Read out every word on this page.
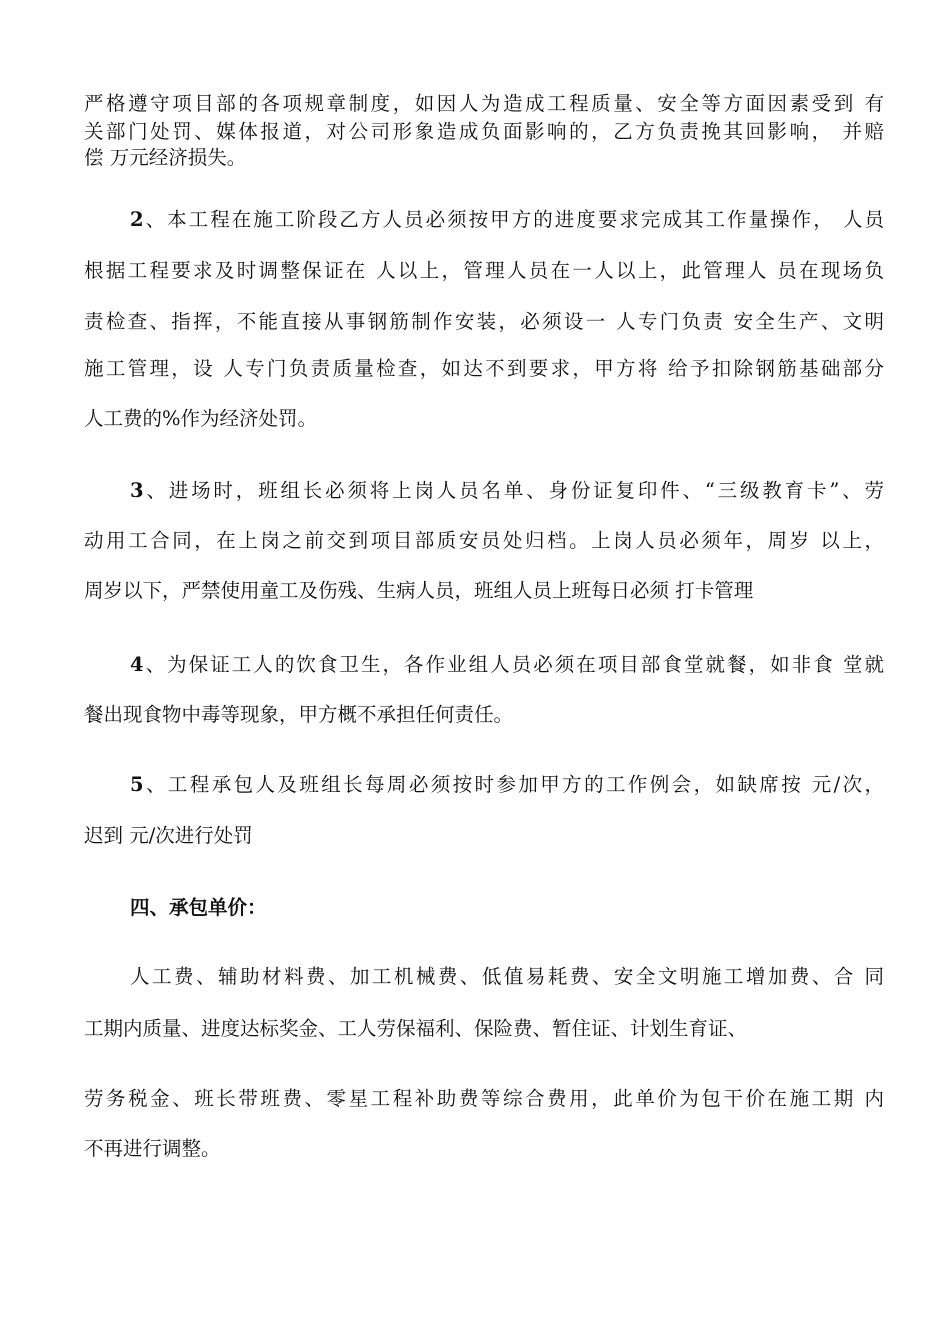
严格遵守项目部的各项规章制度，如因人为造成工程质量、安全等方面因素受到 有

关部门处罚、媒体报道，对公司形象造成负面影响的，乙方负责挽其回影响， 并赔

偿 万元经济损失。

2、本工程在施工阶段乙方人员必须按甲方的进度要求完成其工作量操作， 人员

根据工程要求及时调整保证在 人以上，管理人员在一人以上，此管理人 员在现场负

责检查、指挥，不能直接从事钢筋制作安装，必须设一 人专门负责 安全生产、文明

施工管理，设 人专门负责质量检查，如达不到要求，甲方将 给予扣除钢筋基础部分

人工费的%作为经济处罚。

3、进场时，班组长必须将上岗人员名单、身份证复印件、“三级教育卡”、劳

动用工合同，在上岗之前交到项目部质安员处归档。上岗人员必须年，周岁 以上，

周岁以下，严禁使用童工及伤残、生病人员，班组人员上班每日必须 打卡管理

4、为保证工人的饮食卫生，各作业组人员必须在项目部食堂就餐，如非食 堂就

餐出现食物中毒等现象，甲方概不承担任何责任。

5、工程承包人及班组长每周必须按时参加甲方的工作例会，如缺席按 元/次，

迟到 元/次进行处罚

四、承包单价：

人工费、辅助材料费、加工机械费、低值易耗费、安全文明施工增加费、合 同

工期内质量、进度达标奖金、工人劳保福利、保险费、暂住证、计划生育证、

劳务税金、班长带班费、零星工程补助费等综合费用，此单价为包干价在施工期 内

不再进行调整。
